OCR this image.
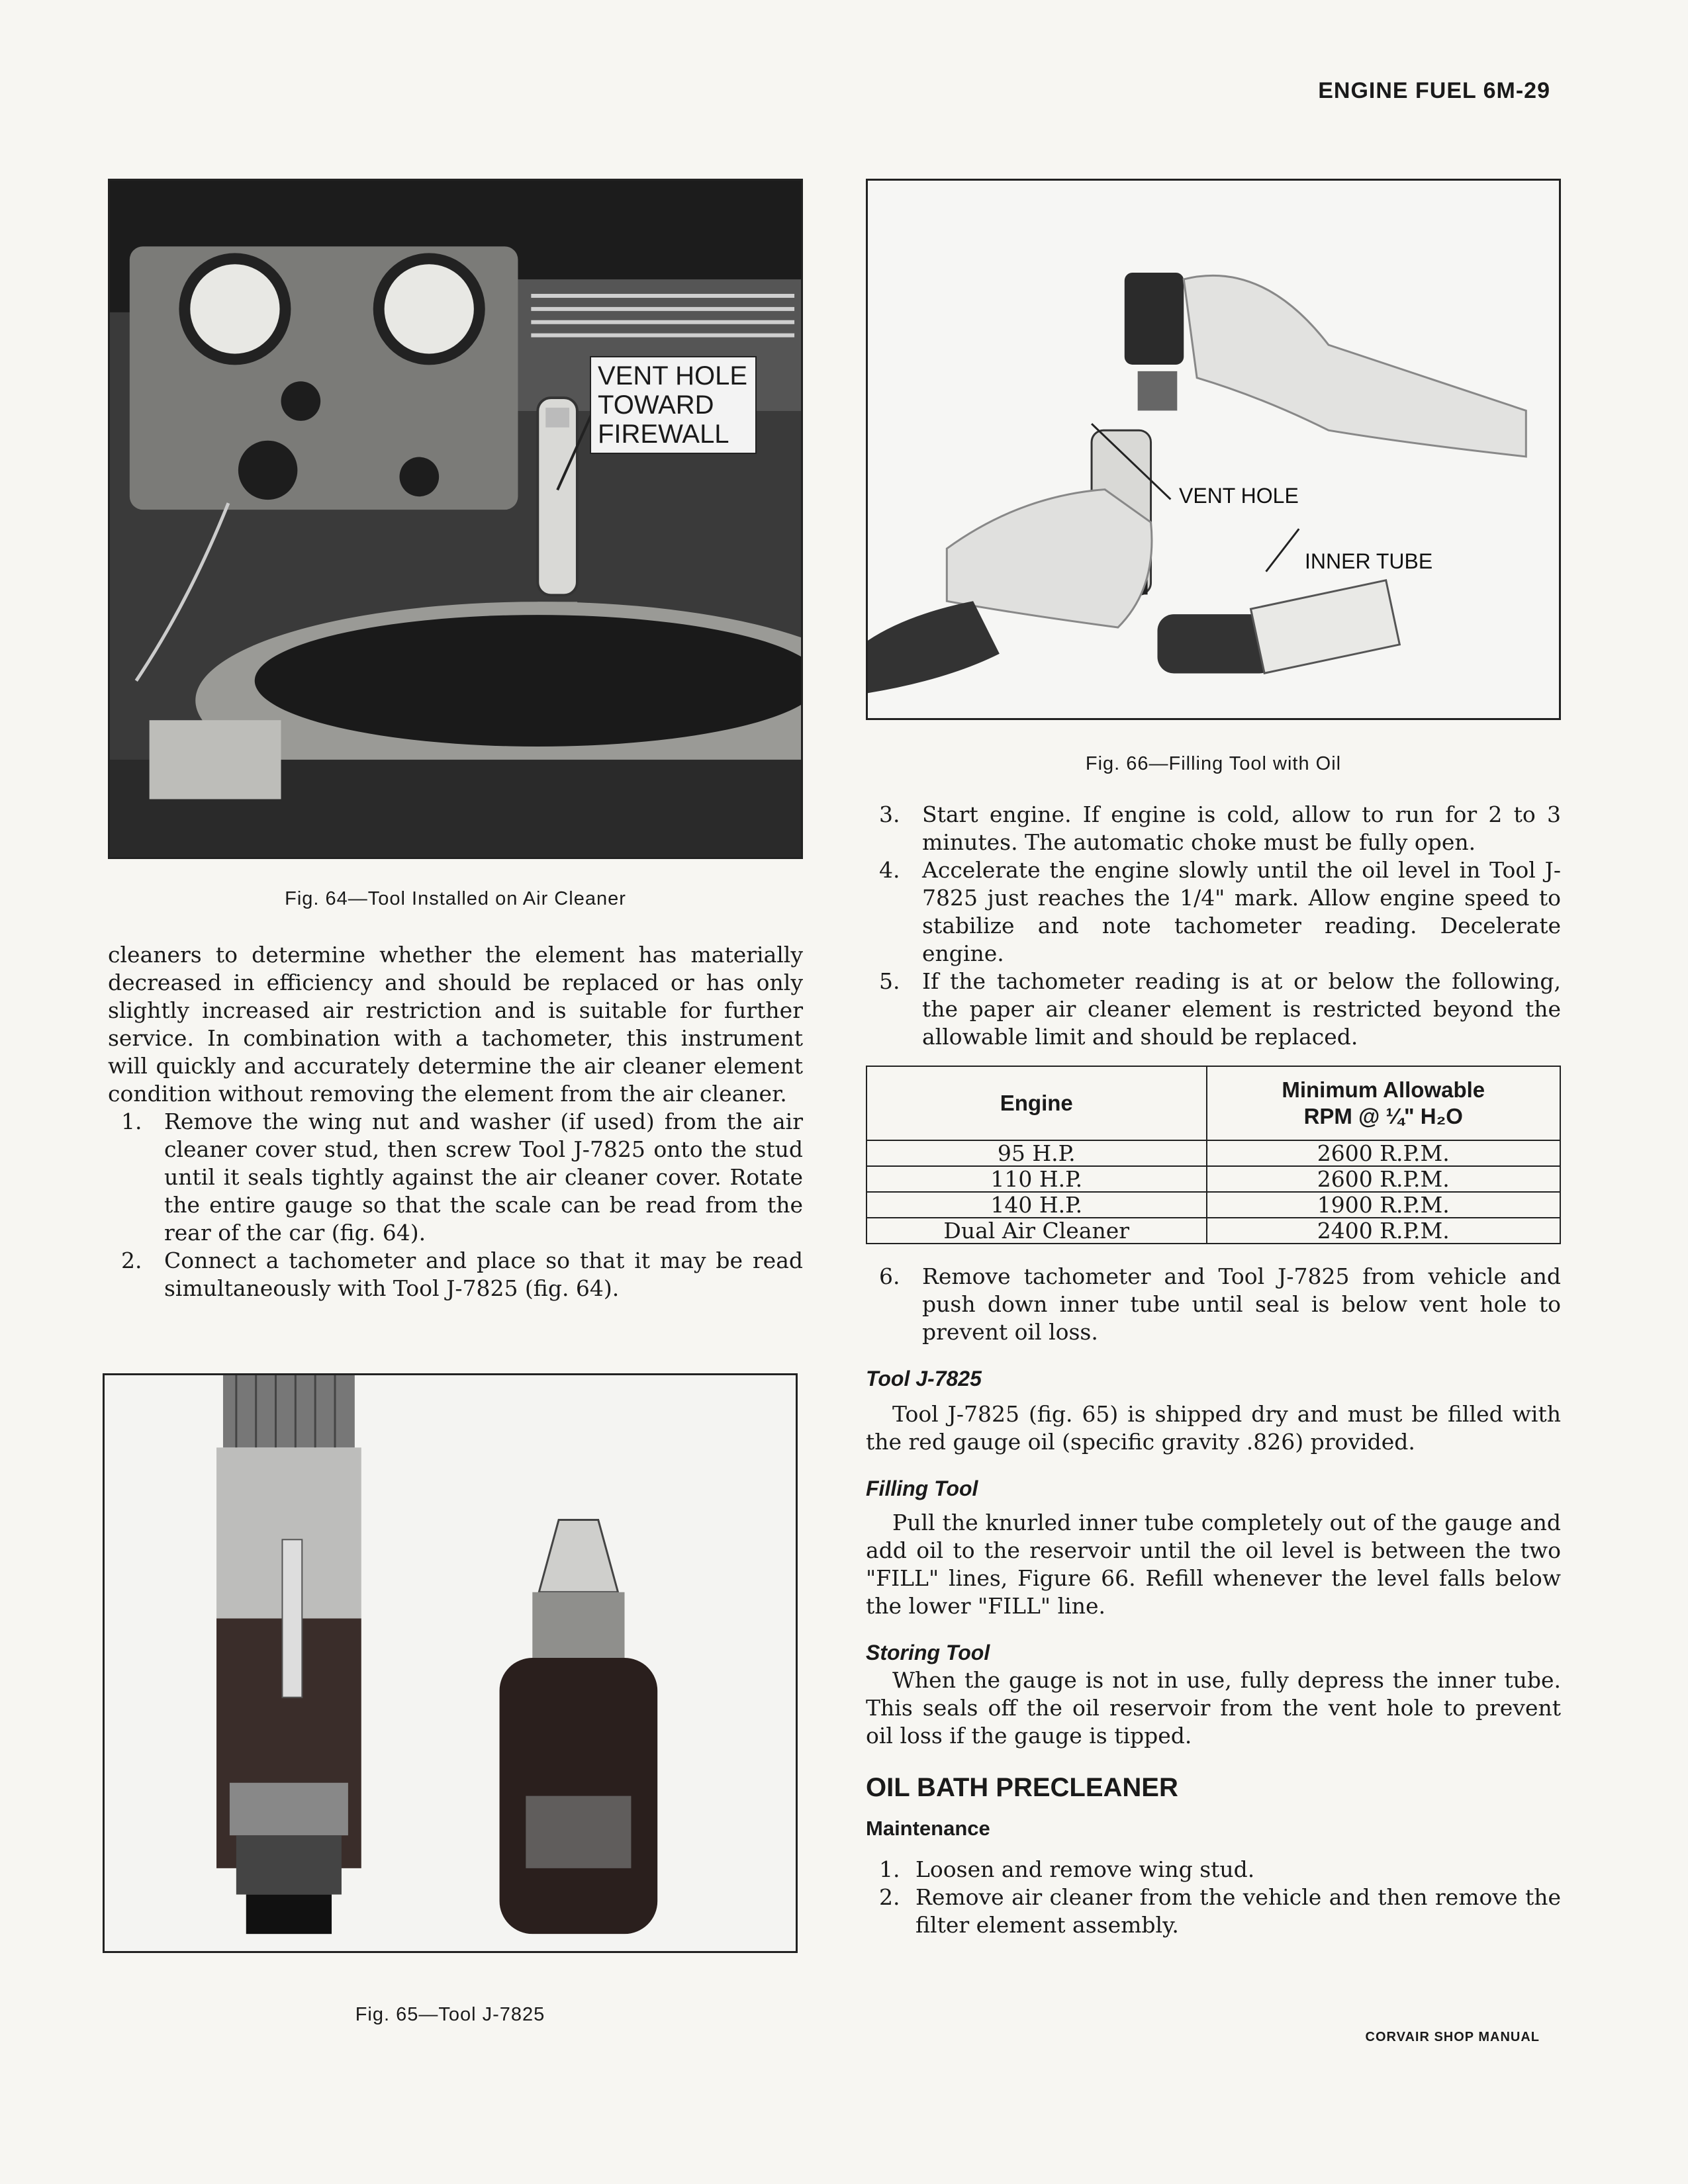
ENGINE FUEL 6M-29
VENT HOLE
TOWARD
FIREWALL
Fig. 64—Tool Installed on Air Cleaner

cleaners to determine whether the element has materially decreased in efficiency and should be replaced or has only slightly increased air restriction and is suitable for further service. In combination with a tachometer, this instrument will quickly and accurately determine the air cleaner element condition without removing the element from the air cleaner.

1. Remove the wing nut and washer (if used) from the air cleaner cover stud, then screw Tool J-7825 onto the stud until it seals tightly against the air cleaner cover. Rotate the entire gauge so that the scale can be read from the rear of the car (fig. 64).
2. Connect a tachometer and place so that it may be read simultaneously with Tool J-7825 (fig. 64).
Fig. 65—Tool J-7825
VENT HOLE
INNER TUBE
Fig. 66—Filling Tool with Oil
3. Start engine. If engine is cold, allow to run for 2 to 3 minutes. The automatic choke must be fully open.
4. Accelerate the engine slowly until the oil level in Tool J-7825 just reaches the 1/4" mark. Allow engine speed to stabilize and note tachometer reading. Decelerate engine.
5. If the tachometer reading is at or below the following, the paper air cleaner element is restricted beyond the allowable limit and should be replaced.
Engine	Minimum Allowable
RPM @ ¼" H₂O

95 H.P.	2600 R.P.M.
110 H.P.	2600 R.P.M.
140 H.P.	1900 R.P.M.
Dual Air Cleaner	2400 R.P.M.
6. Remove tachometer and Tool J-7825 from vehicle and push down inner tube until seal is below vent hole to prevent oil loss.
Tool J-7825

Tool J-7825 (fig. 65) is shipped dry and must be filled with the red gauge oil (specific gravity .826) provided.

Filling Tool

Pull the knurled inner tube completely out of the gauge and add oil to the reservoir until the oil level is between the two "FILL" lines, Figure 66. Refill whenever the level falls below the lower "FILL" line.

Storing Tool

When the gauge is not in use, fully depress the inner tube. This seals off the oil reservoir from the vent hole to prevent oil loss if the gauge is tipped.

OIL BATH PRECLEANER
Maintenance
1. Loosen and remove wing stud.
2. Remove air cleaner from the vehicle and then remove the filter element assembly.
CORVAIR SHOP MANUAL
